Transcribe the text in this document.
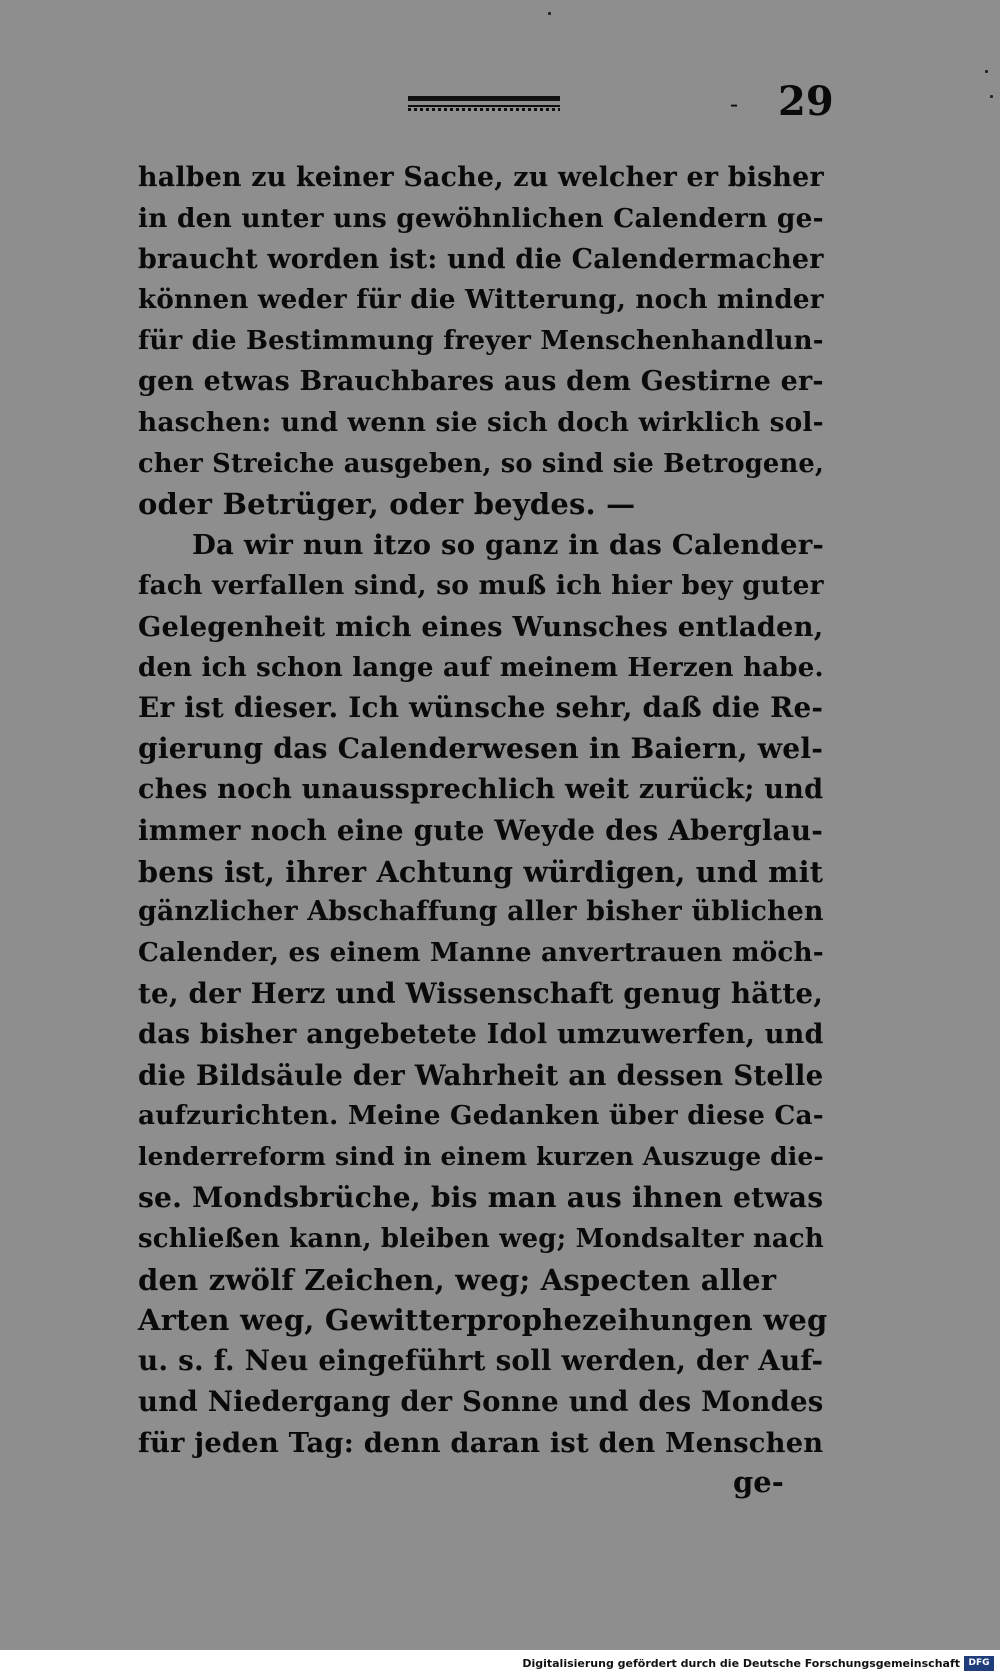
- 29
halben zu keiner Sache, zu welcher er bisher
in den unter uns gewöhnlichen Calendern ge-
braucht worden ist: und die Calendermacher
können weder für die Witterung, noch minder
für die Bestimmung freyer Menschenhandlun-
gen etwas Brauchbares aus dem Gestirne er-
haschen: und wenn sie sich doch wirklich sol-
cher Streiche ausgeben, so sind sie Betrogene,
oder Betrüger, oder beydes. —
Da wir nun itzo so ganz in das Calender-
fach verfallen sind, so muß ich hier bey guter
Gelegenheit mich eines Wunsches entladen,
den ich schon lange auf meinem Herzen habe.
Er ist dieser. Ich wünsche sehr, daß die Re-
gierung das Calenderwesen in Baiern, wel-
ches noch unaussprechlich weit zurück; und
immer noch eine gute Weyde des Aberglau-
bens ist, ihrer Achtung würdigen, und mit
gänzlicher Abschaffung aller bisher üblichen
Calender, es einem Manne anvertrauen möch-
te, der Herz und Wissenschaft genug hätte,
das bisher angebetete Idol umzuwerfen, und
die Bildsäule der Wahrheit an dessen Stelle
aufzurichten. Meine Gedanken über diese Ca-
lenderreform sind in einem kurzen Auszuge die-
se. Mondsbrüche, bis man aus ihnen etwas
schließen kann, bleiben weg; Mondsalter nach
den zwölf Zeichen, weg; Aspecten aller
Arten weg, Gewitterprophezeihungen weg
u. s. f. Neu eingeführt soll werden, der Auf-
und Niedergang der Sonne und des Mondes
für jeden Tag: denn daran ist den Menschen
ge-
Digitalisierung gefördert durch die Deutsche Forschungsgemeinschaft DFG
